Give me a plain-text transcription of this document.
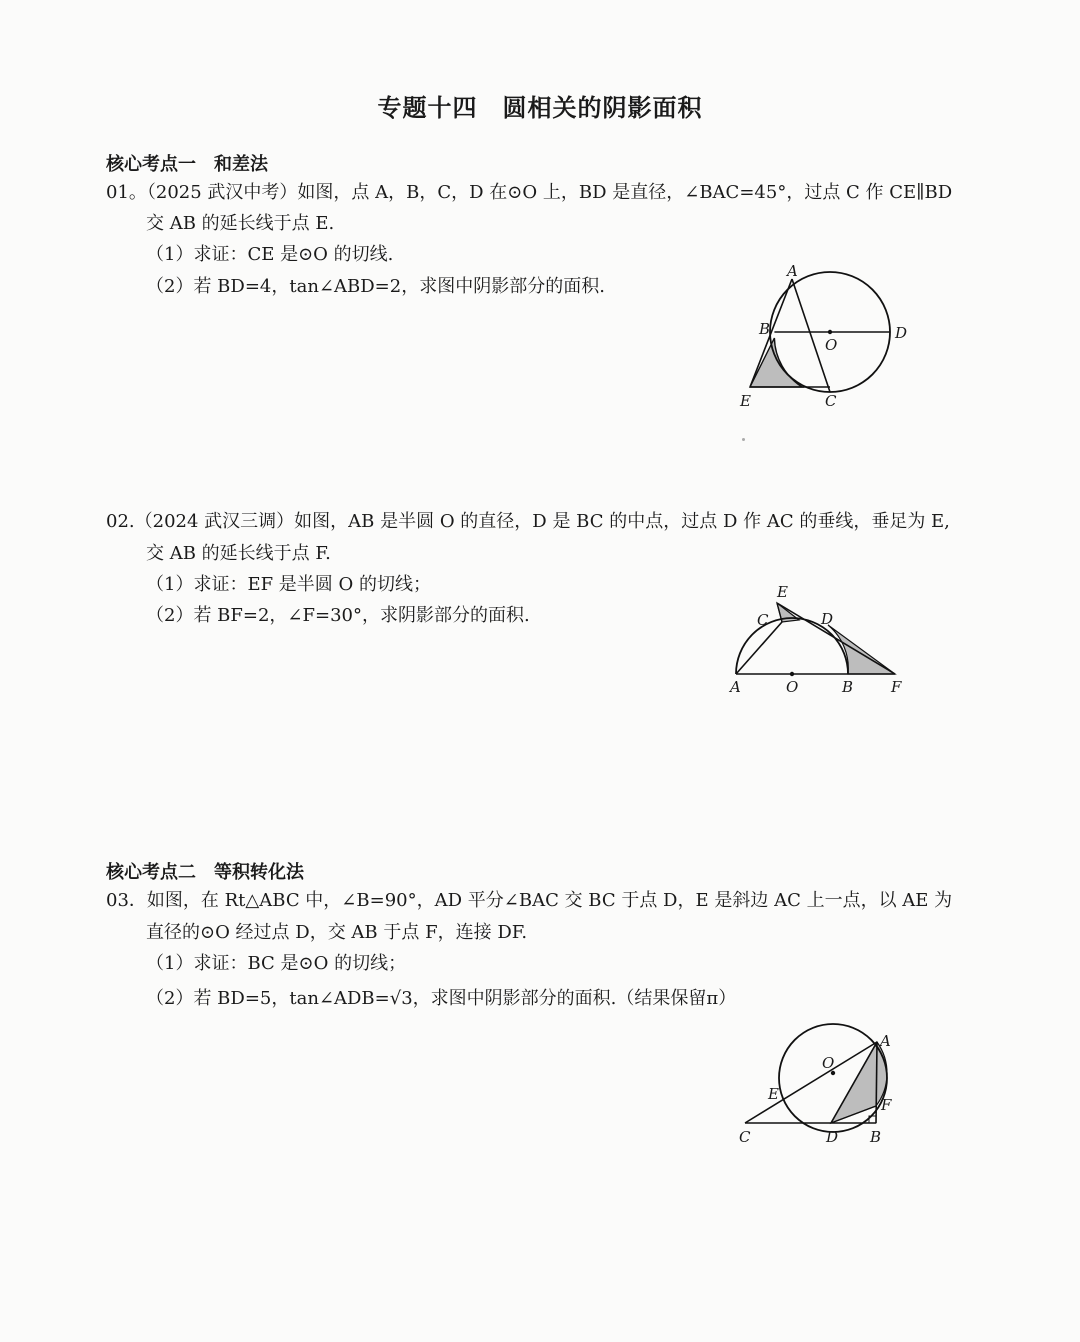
专题十四　圆相关的阴影面积
核心考点一　和差法
01。（2025 武汉中考）如图，点 A，B，C，D 在⊙O 上，BD 是直径，∠BAC=45°，过点 C 作 CE∥BD
交 AB 的延长线于点 E.
（1）求证：CE 是⊙O 的切线.
（2）若 BD=4，tan∠ABD=2，求图中阴影部分的面积.
A
B
O
D
E	C
02.（2024 武汉三调）如图，AB 是半圆 O 的直径，D 是 BC 的中点，过点 D 作 AC 的垂线，垂足为 E,
交 AB 的延长线于点 F.
（1）求证：EF 是半圆 O 的切线；
（2）若 BF=2，∠F=30°，求阴影部分的面积.
E
C	D
A	O	B	F
核心考点二　等积转化法
03．如图，在 Rt△ABC 中，∠B=90°，AD 平分∠BAC 交 BC 于点 D，E 是斜边 AC 上一点，以 AE 为
直径的⊙O 经过点 D，交 AB 于点 F，连接 DF.
（1）求证：BC 是⊙O 的切线；
（2）若 BD=5，tan∠ADB=√3，求图中阴影部分的面积.（结果保留π）
O
A
E
F
C	D B
